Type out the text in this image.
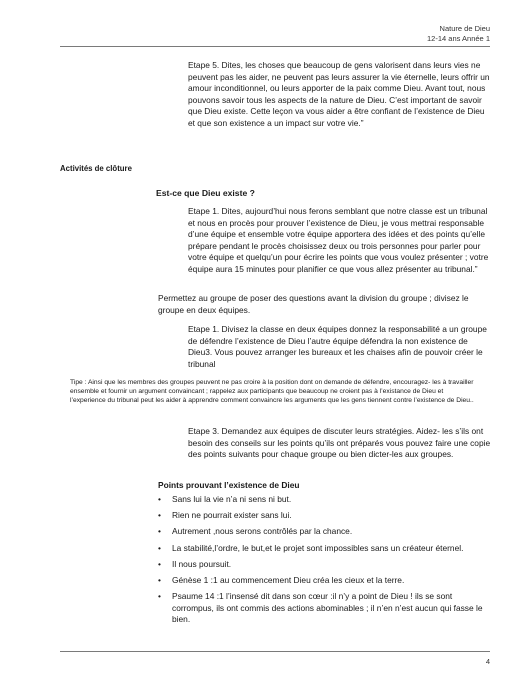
Nature de Dieu
12-14 ans Année 1

Etape 5. Dites, les choses que beaucoup de gens valorisent dans leurs vies ne peuvent pas les aider, ne peuvent pas leurs assurer la vie éternelle, leurs offrir un amour inconditionnel, ou leurs apporter de la paix comme Dieu. Avant tout, nous pouvons savoir tous les aspects de la nature de Dieu. C’est important de savoir que Dieu existe. Cette leçon va vous aider a être confiant de l’existence de Dieu et que son existence a un impact sur votre vie.”

Activités de clôture

Est-ce que Dieu existe ?

Etape 1. Dites, aujourd’hui nous ferons semblant que notre classe est un tribunal et nous en procès pour prouver l’existence de Dieu, je vous mettrai responsable d’une équipe et ensemble votre équipe apportera des idées et des points qu’elle prépare pendant le procès choisissez deux ou trois personnes pour parler pour votre équipe et quelqu’un pour écrire les points que vous voulez présenter ; votre équipe aura 15 minutes pour planifier ce que vous allez présenter au tribunal.”

Permettez au groupe de poser des questions avant la division du groupe ; divisez le groupe en deux équipes.

Etape 1. Divisez la classe en deux équipes donnez la responsabilité a un groupe de défendre l’existence de Dieu l’autre équipe défendra la non existence de Dieu3. Vous pouvez arranger les bureaux et les chaises afin de pouvoir créer le tribunal

Tipe : Ainsi que les membres des groupes peuvent ne pas croire à la position dont on demande de défendre, encouragez- les à travailler ensemble et fournir un argument convaincant ; rappelez aux participants que beaucoup ne croient pas à l’existance de Dieu et l’experience du tribunal peut les aider à apprendre comment convaincre les arguments que les gens tiennent contre l’existence de Dieu..

Etape 3. Demandez aux équipes de discuter leurs stratégies. Aidez- les s’ils ont besoin des conseils sur les points qu’ils ont préparés vous pouvez faire une copie des points suivants pour chaque groupe ou bien dicter-les aux groupes.

Points prouvant l’existence de Dieu

• Sans lui la vie n’a ni sens ni but.
• Rien ne pourrait exister sans lui.
• Autrement ,nous serons contrôlés par la chance.
• La stabilité,l’ordre, le but,et le projet sont impossibles sans un créateur éternel.
• Il nous poursuit.
• Génèse 1 :1 au commencement Dieu créa les cieux et la terre.
• Psaume 14 :1 l’insensé dit dans son cœur :il n’y a point de Dieu ! ils se sont corrompus, ils ont commis des actions abominables ; il n’en n’est aucun qui fasse le bien.
4
